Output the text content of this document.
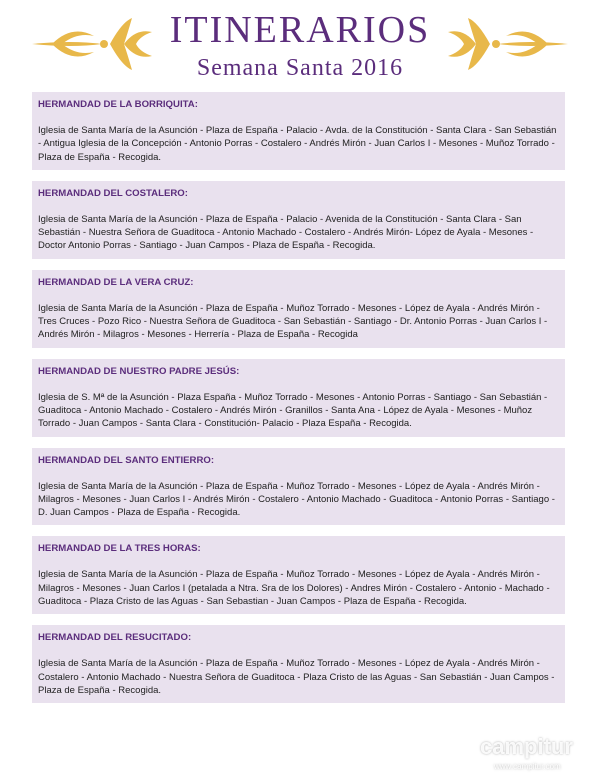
ITINERARIOS
Semana Santa 2016
HERMANDAD DE LA BORRIQUITA:

Iglesia de Santa María de la Asunción - Plaza de España - Palacio - Avda. de la Constitución - Santa Clara - San Sebastián - Antigua Iglesia de la Concepción - Antonio Porras - Costalero - Andrés Mirón - Juan Carlos I - Mesones - Muñoz Torrado - Plaza de España - Recogida.

HERMANDAD DEL COSTALERO:

Iglesia de Santa María de la Asunción - Plaza de España - Palacio - Avenida de la Constitución - Santa Clara - San Sebastián - Nuestra Señora de Guaditoca - Antonio Machado - Costalero - Andrés Mirón- López de Ayala - Mesones - Doctor Antonio Porras - Santiago - Juan Campos - Plaza de España - Recogida.

HERMANDAD DE LA VERA CRUZ:

Iglesia de Santa María de la Asunción - Plaza de España - Muñoz Torrado - Mesones - López de Ayala - Andrés Mirón - Tres Cruces - Pozo Rico - Nuestra Señora de Guaditoca - San Sebastián - Santiago - Dr. Antonio Porras - Juan Carlos I - Andrés Mirón - Milagros - Mesones - Herrería - Plaza de España - Recogida

HERMANDAD DE NUESTRO PADRE JESÚS:

Iglesia de S. Mª de la Asunción - Plaza España - Muñoz Torrado - Mesones - Antonio Porras - Santiago - San Sebastián - Guaditoca - Antonio Machado - Costalero - Andrés Mirón - Granillos - Santa Ana - López de Ayala - Mesones - Muñoz Torrado - Juan Campos - Santa Clara - Constitución- Palacio - Plaza España - Recogida.

HERMANDAD DEL SANTO ENTIERRO:

Iglesia de Santa María de la Asunción - Plaza de España - Muñoz Torrado - Mesones - López de Ayala - Andrés Mirón - Milagros - Mesones - Juan Carlos I - Andrés Mirón - Costalero - Antonio Machado - Guaditoca - Antonio Porras - Santiago - D. Juan Campos - Plaza de España - Recogida.

HERMANDAD DE LA TRES HORAS:

Iglesia de Santa María de la Asunción - Plaza de España - Muñoz Torrado - Mesones - López de Ayala - Andrés Mirón - Milagros - Mesones - Juan Carlos I (petalada a Ntra. Sra de los Dolores) - Andres Mirón - Costalero - Antonio - Machado - Guaditoca - Plaza Cristo de las Aguas - San Sebastian - Juan Campos - Plaza de España - Recogida.

HERMANDAD DEL RESUCITADO:

Iglesia de Santa María de la Asunción - Plaza de España - Muñoz Torrado - Mesones - López de Ayala - Andrés Mirón - Costalero - Antonio Machado - Nuestra Señora de Guaditoca - Plaza Cristo de las Aguas - San Sebastián - Juan Campos - Plaza de España - Recogida.

campitur
www.campitur.com
